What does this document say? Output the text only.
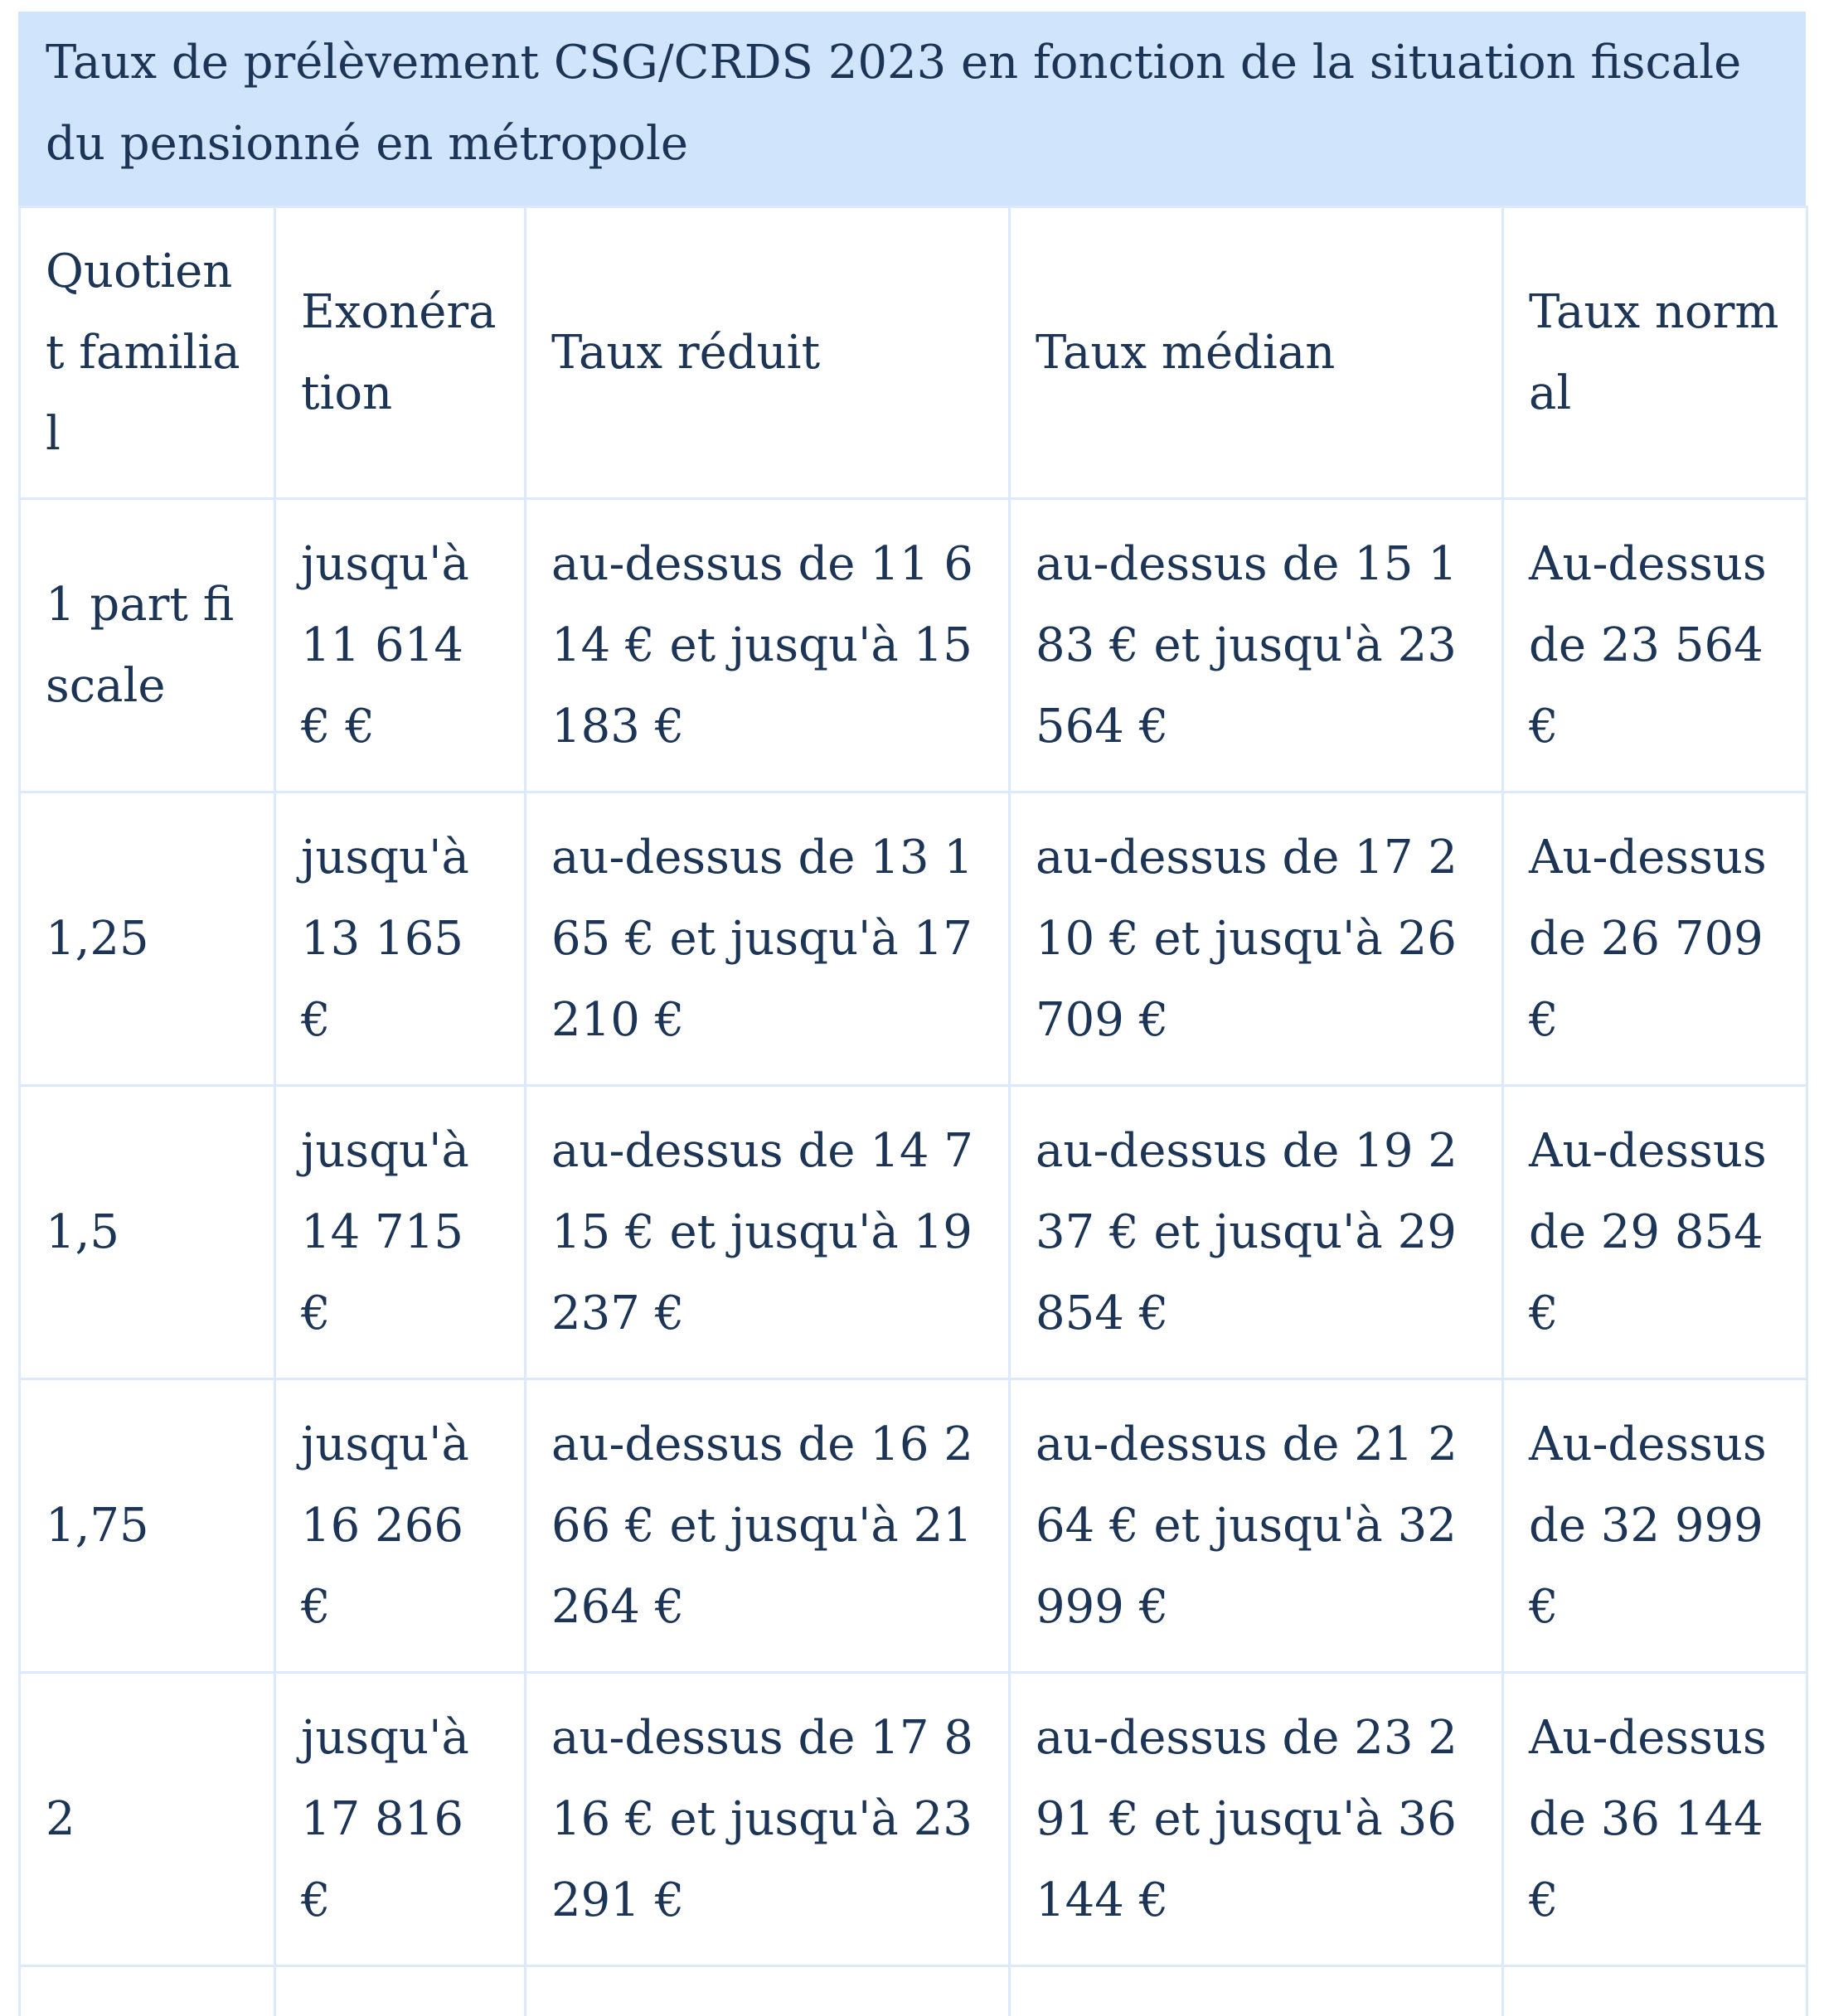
Taux de prélèvement CSG/CRDS 2023 en fonction de la situation fiscale du pensionné en métropole
Quotient familial	Exonération	Taux réduit	Taux médian	Taux normal
1 part fiscale	jusqu'à 11 614 € €	au-dessus de 11 614 € et jusqu'à 15 183 €	au-dessus de 15 183 € et jusqu'à 23 564 €	Au-dessus de 23 564 €
1,25	jusqu'à 13 165 €	au-dessus de 13 165 € et jusqu'à 17 210 €	au-dessus de 17 210 € et jusqu'à 26 709 €	Au-dessus de 26 709 €
1,5	jusqu'à 14 715 €	au-dessus de 14 715 € et jusqu'à 19 237 €	au-dessus de 19 237 € et jusqu'à 29 854 €	Au-dessus de 29 854 €
1,75	jusqu'à 16 266 €	au-dessus de 16 266 € et jusqu'à 21 264 €	au-dessus de 21 264 € et jusqu'à 32 999 €	Au-dessus de 32 999 €
2	jusqu'à 17 816 €	au-dessus de 17 816 € et jusqu'à 23 291 €	au-dessus de 23 291 € et jusqu'à 36 144 €	Au-dessus de 36 144 €
